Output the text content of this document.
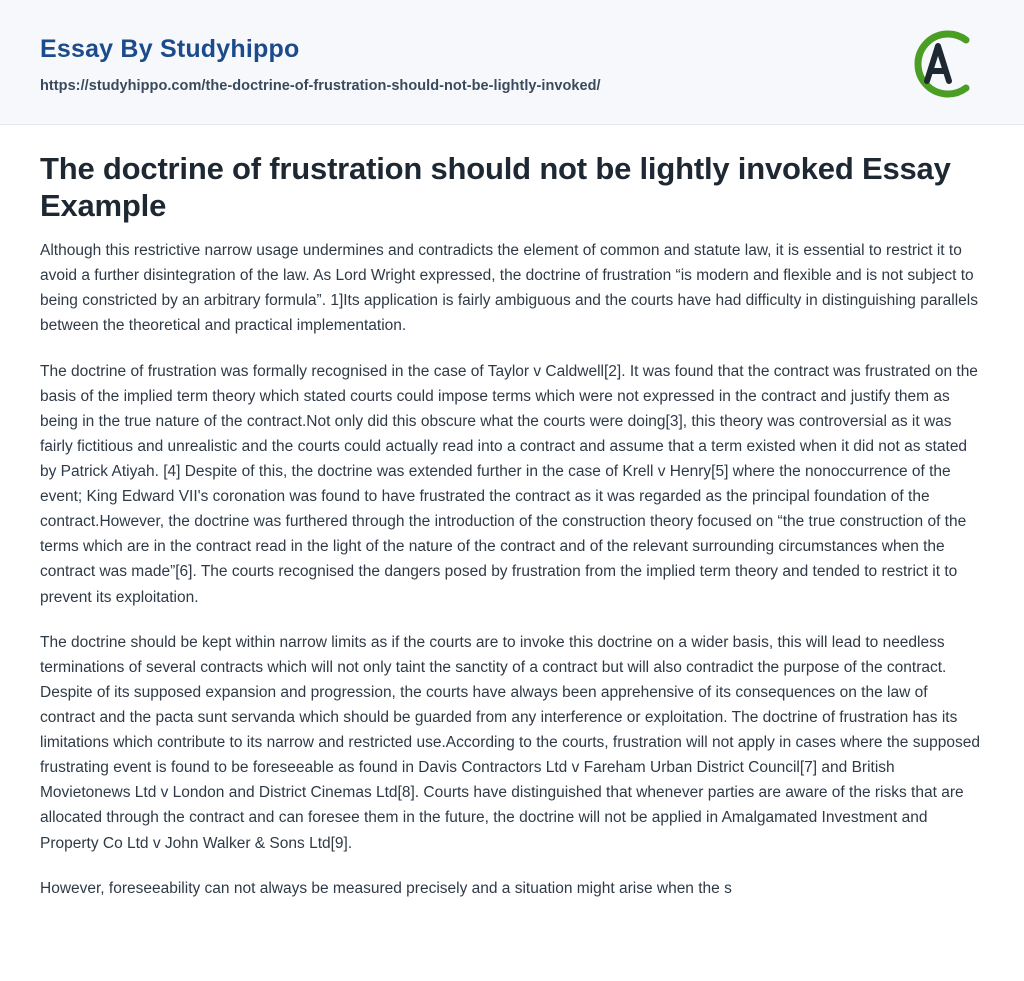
Essay By Studyhippo
https://studyhippo.com/the-doctrine-of-frustration-should-not-be-lightly-invoked/
The doctrine of frustration should not be lightly invoked Essay Example

Although this restrictive narrow usage undermines and contradicts the element of common and statute law, it is essential to restrict it to avoid a further disintegration of the law. As Lord Wright expressed, the doctrine of frustration “is modern and flexible and is not subject to being constricted by an arbitrary formula”. 1]Its application is fairly ambiguous and the courts have had difficulty in distinguishing parallels between the theoretical and practical implementation.

The doctrine of frustration was formally recognised in the case of Taylor v Caldwell[2]. It was found that the contract was frustrated on the basis of the implied term theory which stated courts could impose terms which were not expressed in the contract and justify them as being in the true nature of the contract.Not only did this obscure what the courts were doing[3], this theory was controversial as it was fairly fictitious and unrealistic and the courts could actually read into a contract and assume that a term existed when it did not as stated by Patrick Atiyah. [4] Despite of this, the doctrine was extended further in the case of Krell v Henry[5] where the nonoccurrence of the event; King Edward VII's coronation was found to have frustrated the contract as it was regarded as the principal foundation of the contract.However, the doctrine was furthered through the introduction of the construction theory focused on “the true construction of the terms which are in the contract read in the light of the nature of the contract and of the relevant surrounding circumstances when the contract was made”[6]. The courts recognised the dangers posed by frustration from the implied term theory and tended to restrict it to prevent its exploitation.

The doctrine should be kept within narrow limits as if the courts are to invoke this doctrine on a wider basis, this will lead to needless terminations of several contracts which will not only taint the sanctity of a contract but will also contradict the purpose of the contract. Despite of its supposed expansion and progression, the courts have always been apprehensive of its consequences on the law of contract and the pacta sunt servanda which should be guarded from any interference or exploitation. The doctrine of frustration has its limitations which contribute to its narrow and restricted use.According to the courts, frustration will not apply in cases where the supposed frustrating event is found to be foreseeable as found in Davis Contractors Ltd v Fareham Urban District Council[7] and British Movietonews Ltd v London and District Cinemas Ltd[8]. Courts have distinguished that whenever parties are aware of the risks that are allocated through the contract and can foresee them in the future, the doctrine will not be applied in Amalgamated Investment and Property Co Ltd v John Walker & Sons Ltd[9].

However, foreseeability can not always be measured precisely and a situation might arise when the s
